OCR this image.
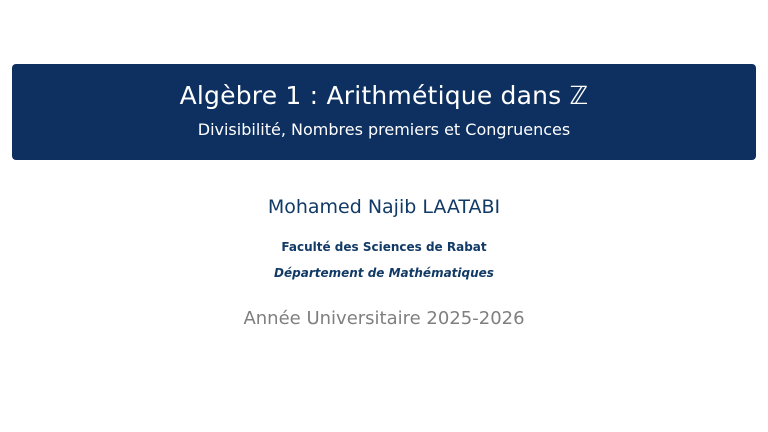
Algèbre 1 : Arithmétique dans ℤ
Divisibilité, Nombres premiers et Congruences
Mohamed Najib LAATABI
Faculté des Sciences de Rabat
Département de Mathématiques
Année Universitaire 2025-2026
